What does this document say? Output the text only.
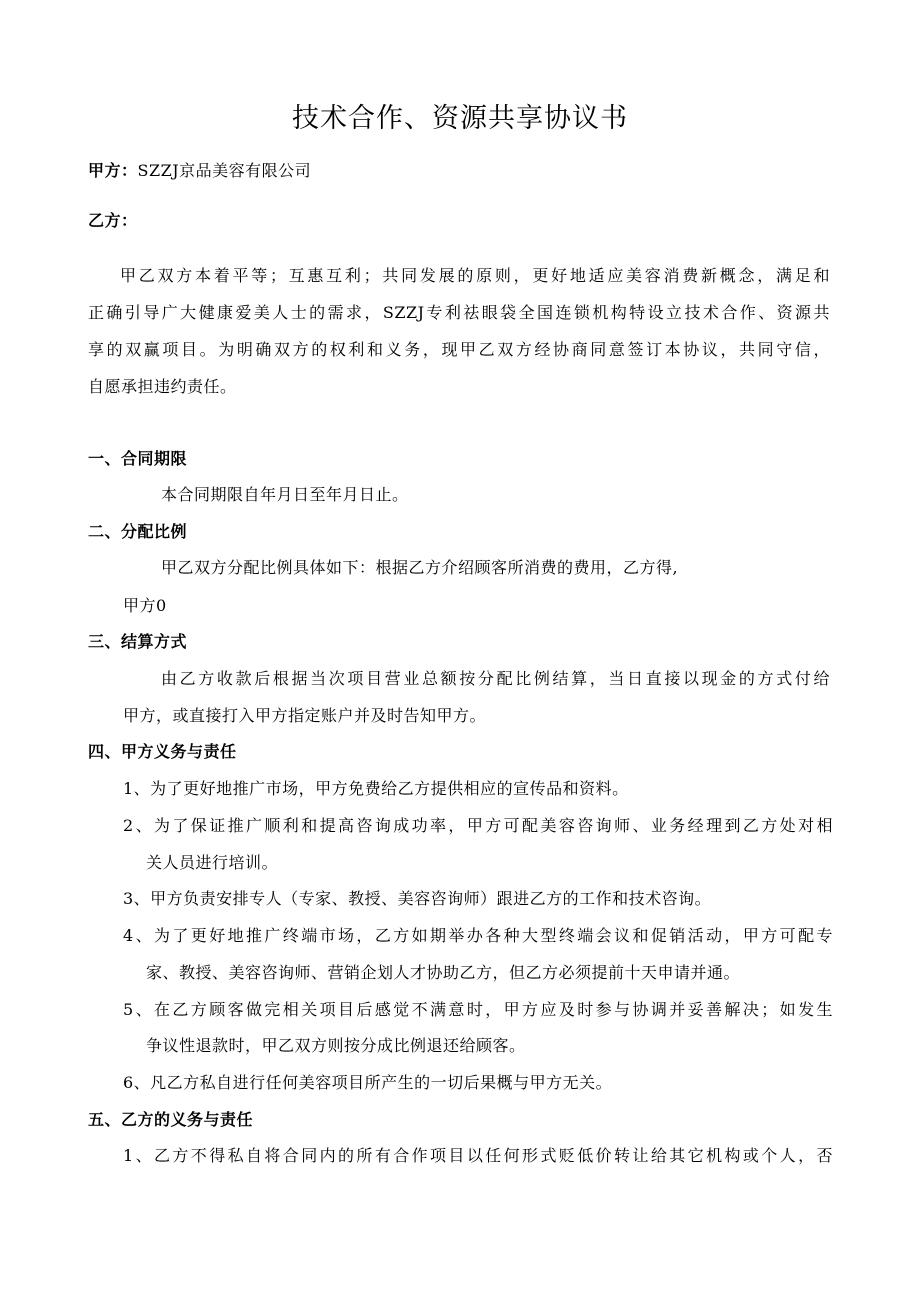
技术合作、资源共享协议书
甲方：SZZJ京品美容有限公司
乙方：
甲乙双方本着平等；互惠互利；共同发展的原则，更好地适应美容消费新概念，满足和
正确引导广大健康爱美人士的需求，SZZJ专利祛眼袋全国连锁机构特设立技术合作、资源共
享的双赢项目。为明确双方的权利和义务，现甲乙双方经协商同意签订本协议，共同守信，
自愿承担违约责任。
一、合同期限
本合同期限自年月日至年月日止。
二、分配比例
甲乙双方分配比例具体如下：根据乙方介绍顾客所消费的费用，乙方得,
甲方0
三、结算方式
由乙方收款后根据当次项目营业总额按分配比例结算，当日直接以现金的方式付给
甲方，或直接打入甲方指定账户并及时告知甲方。
四、甲方义务与责任
1、为了更好地推广市场，甲方免费给乙方提供相应的宣传品和资料。
2、为了保证推广顺利和提高咨询成功率，甲方可配美容咨询师、业务经理到乙方处对相
关人员进行培训。
3、甲方负责安排专人（专家、教授、美容咨询师）跟进乙方的工作和技术咨询。
4、为了更好地推广终端市场，乙方如期举办各种大型终端会议和促销活动，甲方可配专
家、教授、美容咨询师、营销企划人才协助乙方，但乙方必须提前十天申请并通。
5、在乙方顾客做完相关项目后感觉不满意时，甲方应及时参与协调并妥善解决；如发生
争议性退款时，甲乙双方则按分成比例退还给顾客。
6、凡乙方私自进行任何美容项目所产生的一切后果概与甲方无关。
五、乙方的义务与责任
1、乙方不得私自将合同内的所有合作项目以任何形式贬低价转让给其它机构或个人，否
